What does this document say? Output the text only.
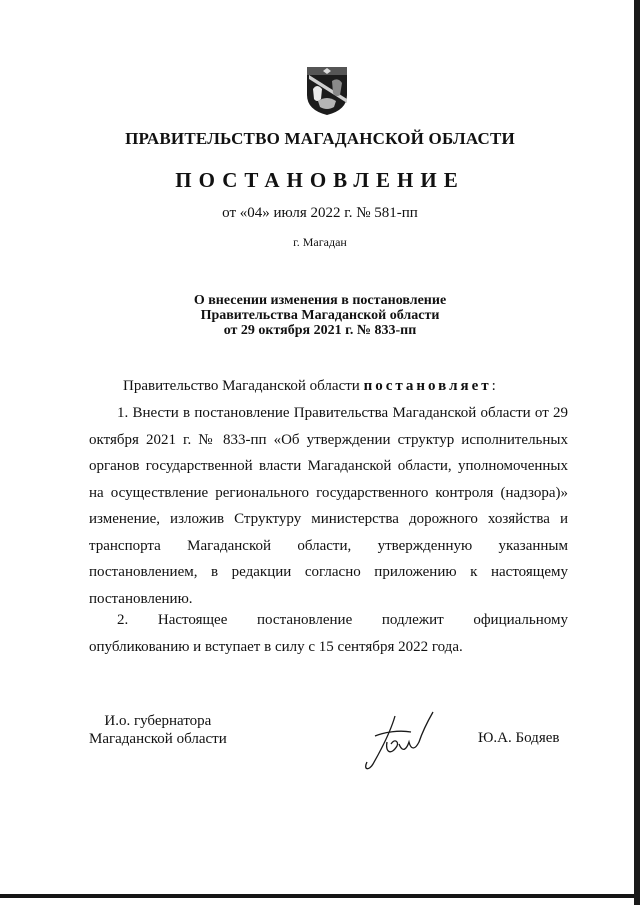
ПРАВИТЕЛЬСТВО МАГАДАНСКОЙ ОБЛАСТИ
ПОСТАНОВЛЕНИЕ
от «04» июля 2022 г. № 581-пп
г. Магадан
О внесении изменения в постановление
Правительства Магаданской области
от 29 октября 2021 г. № 833-пп
Правительство Магаданской области постановляет:
1. Внести в постановление Правительства Магаданской области от 29 октября 2021 г. № 833-пп «Об утверждении структур исполнительных органов государственной власти Магаданской области, уполномоченных на осуществление регионального государственного контроля (надзора)» изменение, изложив Структуру министерства дорожного хозяйства и транспорта Магаданской области, утвержденную указанным постановлением, в редакции согласно приложению к настоящему постановлению.
2. Настоящее постановление подлежит официальному опубликованию и вступает в силу с 15 сентября 2022 года.
И.о. губернатора
Магаданской области	Ю.А. Бодяев
